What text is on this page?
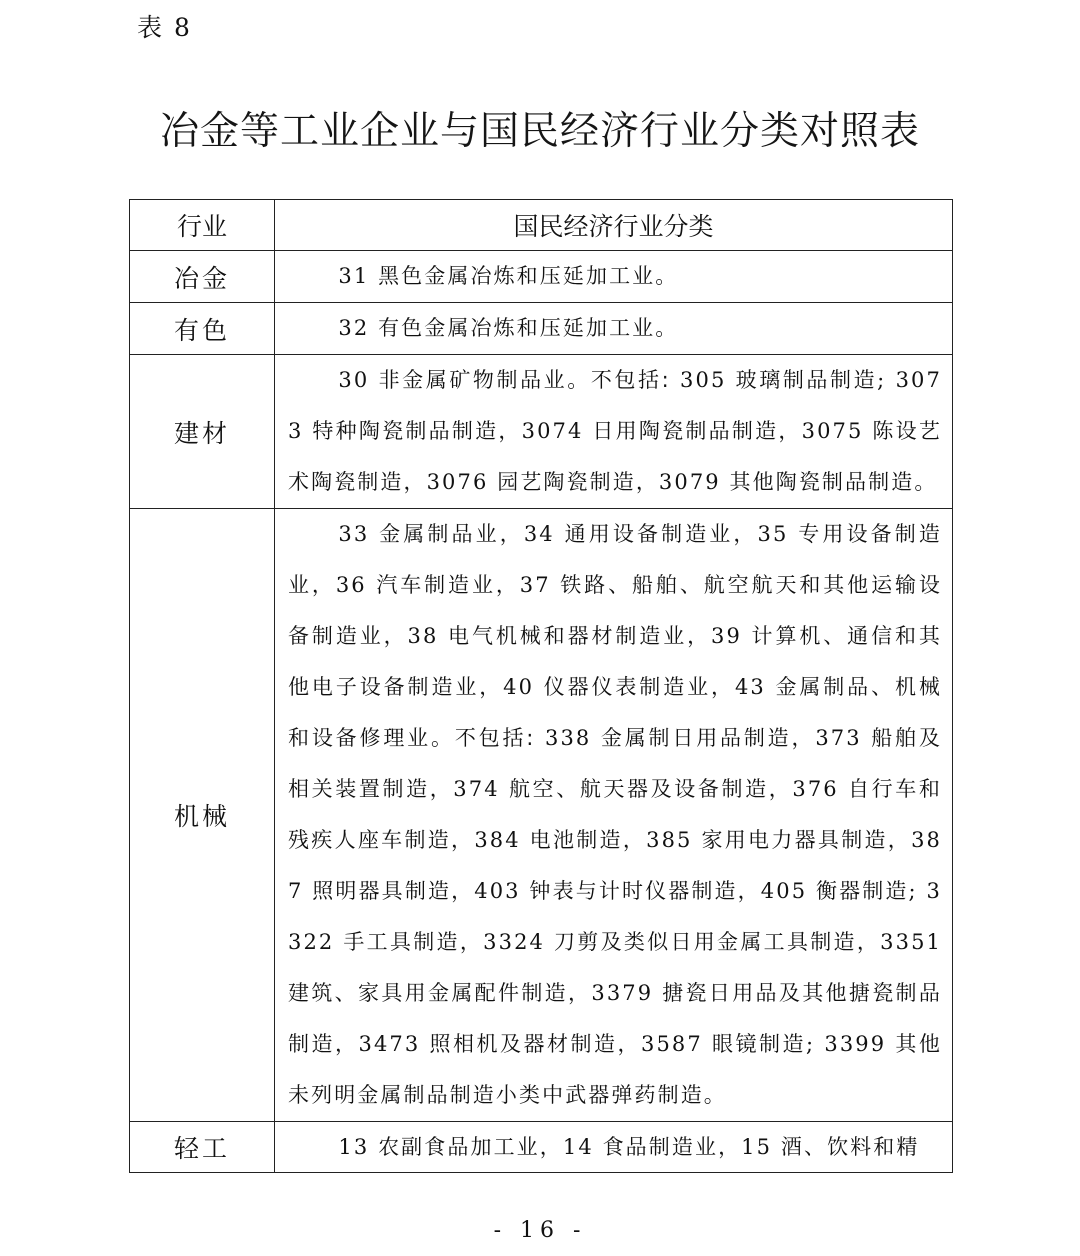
表 8
冶金等工业企业与国民经济行业分类对照表
行业	国民经济行业分类
冶金	31 黑色金属冶炼和压延加工业。
有色	32 有色金属冶炼和压延加工业。
建材	30 非金属矿物制品业。不包括: 305 玻璃制品制造; 3073 特种陶瓷制品制造，3074 日用陶瓷制品制造，3075 陈设艺术陶瓷制造，3076 园艺陶瓷制造，3079 其他陶瓷制品制造。
机械	33 金属制品业，34 通用设备制造业，35 专用设备制造业，36 汽车制造业，37 铁路、船舶、航空航天和其他运输设备制造业，38 电气机械和器材制造业，39 计算机、通信和其他电子设备制造业，40 仪器仪表制造业，43 金属制品、机械和设备修理业。不包括: 338 金属制日用品制造，373 船舶及相关装置制造，374 航空、航天器及设备制造，376 自行车和残疾人座车制造，384 电池制造，385 家用电力器具制造，387 照明器具制造，403 钟表与计时仪器制造，405 衡器制造; 3322 手工具制造，3324 刀剪及类似日用金属工具制造，3351 建筑、家具用金属配件制造，3379 搪瓷日用品及其他搪瓷制品制造，3473 照相机及器材制造，3587 眼镜制造; 3399 其他未列明金属制品制造小类中武器弹药制造。
轻工	13 农副食品加工业，14 食品制造业，15 酒、饮料和精
- 16 -
